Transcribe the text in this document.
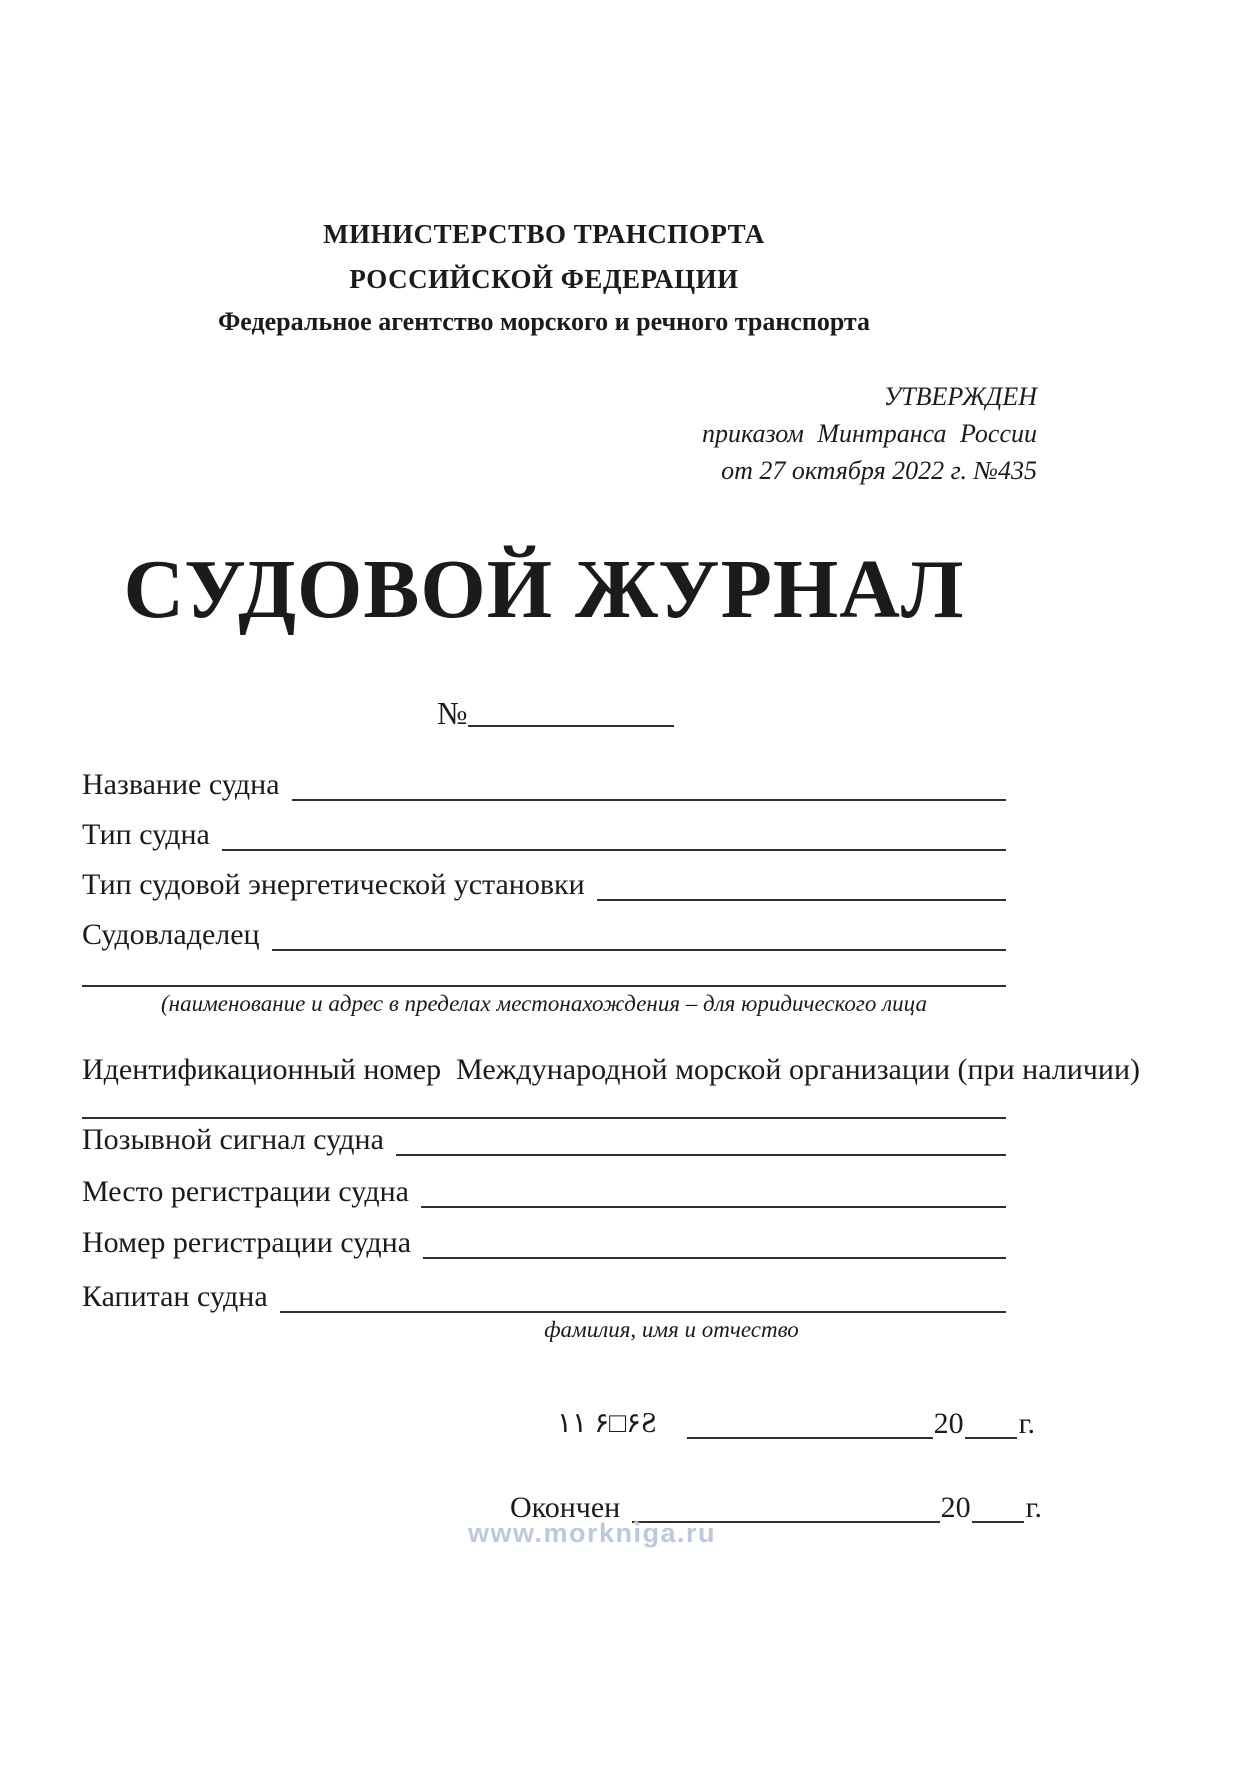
МИНИСТЕРСТВО ТРАНСПОРТА
РОССИЙСКОЙ ФЕДЕРАЦИИ
Федеральное агентство морского и речного транспорта
УТВЕРЖДЕН
приказом Минтранса России
от 27 октября 2022 г. №435
СУДОВОЙ ЖУРНАЛ
№
Название судна
Тип судна
Тип судовой энергетической установки
Судовладелец
(наименование и адрес в пределах местонахождения – для юридического лица
Идентификационный номер  Международной морской организации (при наличии)
Позывной сигнал судна
Место регистрации судна
Номер регистрации судна
Капитан судна
фамилия, имя и отчество
١١ ۶□۶Ƨ	20 г.
Окончен	20 г.
www.morkniga.ru
